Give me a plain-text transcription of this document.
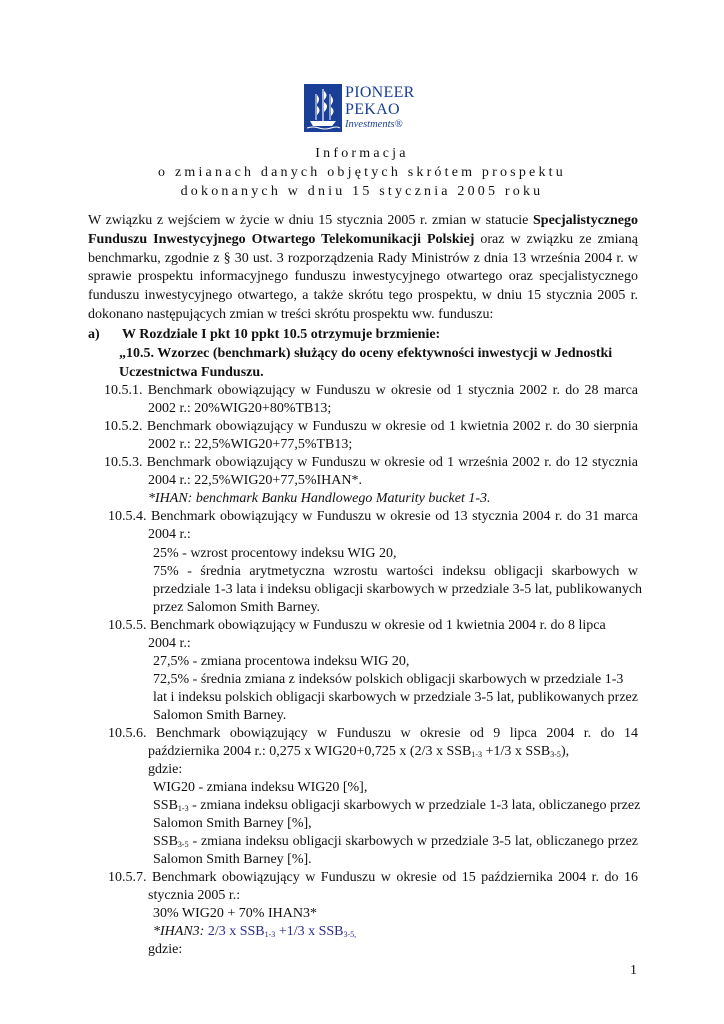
PIONEER
PEKAO
Investments®
Informacja
o zmianach danych objętych skrótem prospektu
dokonanych w dniu 15 stycznia 2005 roku

W związku z wejściem w życie w dniu 15 stycznia 2005 r. zmian w statucie Specjalistycznego Funduszu Inwestycyjnego Otwartego Telekomunikacji Polskiej oraz w związku ze zmianą benchmarku, zgodnie z § 30 ust. 3 rozporządzenia Rady Ministrów z dnia 13 września 2004 r. w sprawie prospektu informacyjnego funduszu inwestycyjnego otwartego oraz specjalistycznego funduszu inwestycyjnego otwartego, a także skrótu tego prospektu, w dniu 15 stycznia 2005 r. dokonano następujących zmian w treści skrótu prospektu ww. funduszu:

a) W Rozdziale I pkt 10 ppkt 10.5 otrzymuje brzmienie:
„10.5. Wzorzec (benchmark) służący do oceny efektywności inwestycji w Jednostki
Uczestnictwa Funduszu.
10.5.1. Benchmark obowiązujący w Funduszu w okresie od 1 stycznia 2002 r. do 28 marca
2002 r.: 20%WIG20+80%TB13;
10.5.2. Benchmark obowiązujący w Funduszu w okresie od 1 kwietnia 2002 r. do 30 sierpnia
2002 r.: 22,5%WIG20+77,5%TB13;
10.5.3. Benchmark obowiązujący w Funduszu w okresie od 1 września 2002 r. do 12 stycznia
2004 r.: 22,5%WIG20+77,5%IHAN*.
*IHAN: benchmark Banku Handlowego Maturity bucket 1-3.
10.5.4. Benchmark obowiązujący w Funduszu w okresie od 13 stycznia 2004 r. do 31 marca
2004 r.:
25% - wzrost procentowy indeksu WIG 20,
75% - średnia arytmetyczna wzrostu wartości indeksu obligacji skarbowych w
przedziale 1-3 lata i indeksu obligacji skarbowych w przedziale 3-5 lat, publikowanych
przez Salomon Smith Barney.
10.5.5. Benchmark obowiązujący w Funduszu w okresie od 1 kwietnia 2004 r. do 8 lipca
2004 r.:
27,5% - zmiana procentowa indeksu WIG 20,
72,5% - średnia zmiana z indeksów polskich obligacji skarbowych w przedziale 1-3
lat i indeksu polskich obligacji skarbowych w przedziale 3-5 lat, publikowanych przez
Salomon Smith Barney.
10.5.6. Benchmark obowiązujący w Funduszu w okresie od 9 lipca 2004 r. do 14
października 2004 r.: 0,275 x WIG20+0,725 x (2/3 x $SSB_{1-3} +1/3$ x $SSB_{3-5}$),
gdzie:
WIG20 - zmiana indeksu WIG20 [%],
$SSB_{1-3}$ - zmiana indeksu obligacji skarbowych w przedziale 1-3 lata, obliczanego przez
Salomon Smith Barney [%],
$SSB_{3-5}$ - zmiana indeksu obligacji skarbowych w przedziale 3-5 lat, obliczanego przez
Salomon Smith Barney [%].
10.5.7. Benchmark obowiązujący w Funduszu w okresie od 15 października 2004 r. do 16
stycznia 2005 r.:
30% WIG20 + 70% IHAN3*
*IHAN3: 2/3 x $SSB_{1-3} +1/3$ x $SSB_{3-5,}$
gdzie:
1
